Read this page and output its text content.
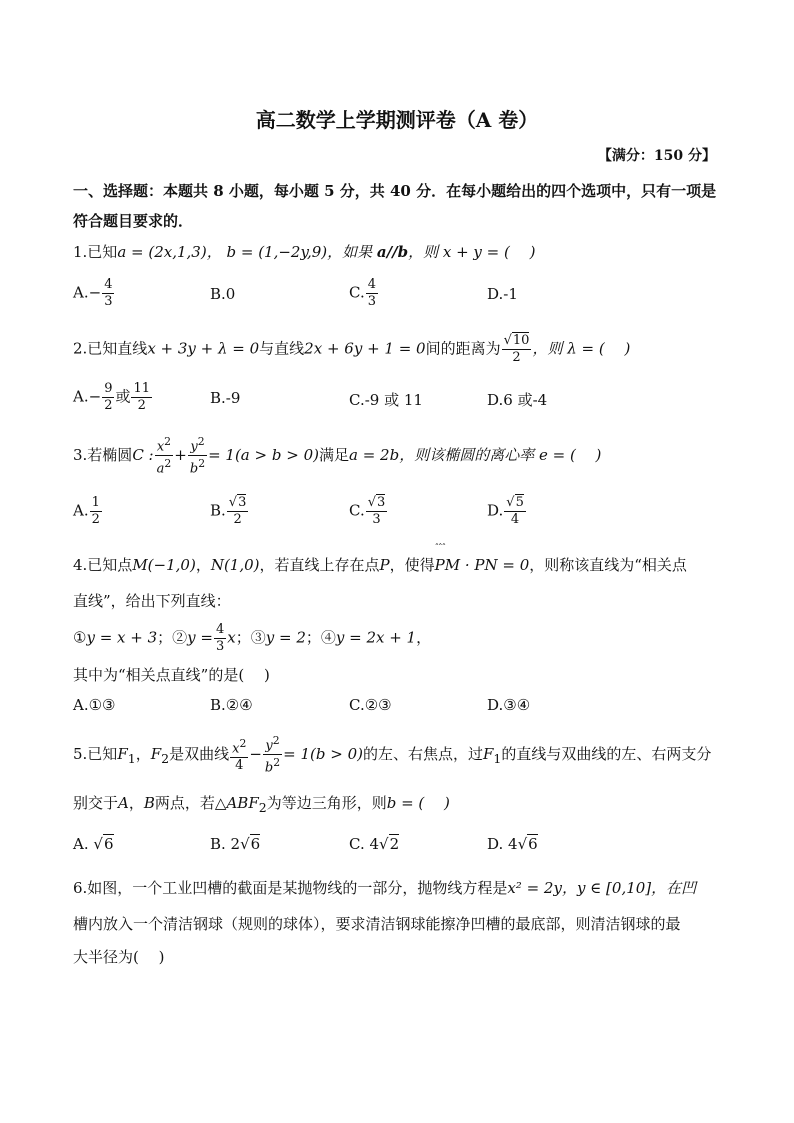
高二数学上学期测评卷（A 卷）
【满分：150 分】
一、选择题：本题共 8 小题，每小题 5 分，共 40 分．在每小题给出的四个选项中，只有一项是符合题目要求的．
1.已知a = (2x,1,3)， b = (1,−2y,9)，如果 a//b，则 x + y = (　 )
$A.- \frac{4}{3}$	B.0	C. $\frac{4}{3}$	D.-1
2.已知直线x + 3y + λ = 0与直线2x + 6y + 1 = 0间的距离为 $\frac{√10}{2}$ ，则 λ = (　 )
$A.- \frac{9}{2}$ 或 $\frac{11}{2}$	B.-9	C.-9 或 11	D.6 或-4
3.若椭圆C : $\frac{x^2}{a^2} + \frac{y^2}{b^2} = 1(a > b > 0)$满足a = 2b，则该椭圆的离心率 e = (　 )
A. $\frac{1}{2}$	B. $\frac{√3}{2}$	C. $\frac{√3}{3}$	D. $\frac{√5}{4}$
4.已知点M(−1,0)，N(1,0)，若直线上存在点P，使得ˆˆˆ PM · PN = 0，则称该直线为“相关点
直线”，给出下列直线：
①y = x + 3；②y = $\frac{4}{3}$ x；③y = 2；④y = 2x + 1，
其中为“相关点直线”的是(　 )
A.①③	B.②④	C.②③	D.③④
5.已知$F_1$，$F_2$是双曲线 $\frac{x^2}{4} - \frac{y^2}{b^2} = 1(b > 0)$的左、右焦点，过$F_1$的直线与双曲线的左、右两支分
别交于A，B两点，若$\triangle ABF_2$为等边三角形，则b = (　 )
A. √6	B. 2√6	C. 4√2	D. 4√6
6.如图，一个工业凹槽的截面是某抛物线的一部分，抛物线方程是x² = 2y，y ∈ [0,10]，在凹
槽内放入一个清洁钢球（规则的球体），要求清洁钢球能擦净凹槽的最底部，则清洁钢球的最
大半径为(　 )
